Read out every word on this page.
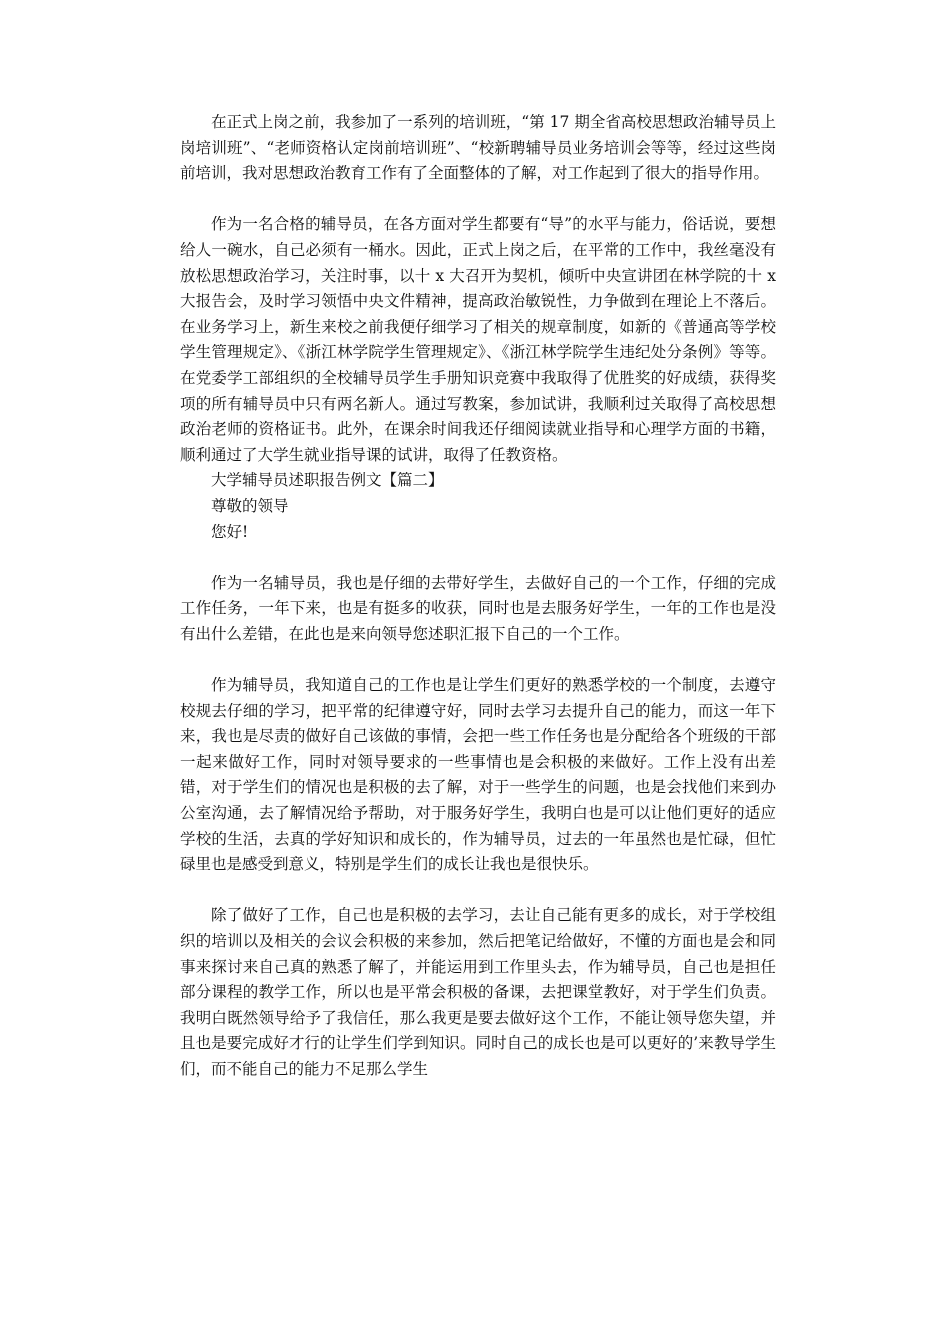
在正式上岗之前，我参加了一系列的培训班，“第 17 期全省高校思想政治辅导员上岗培训班”、“老师资格认定岗前培训班”、“校新聘辅导员业务培训会等等，经过这些岗前培训，我对思想政治教育工作有了全面整体的了解，对工作起到了很大的指导作用。

作为一名合格的辅导员，在各方面对学生都要有“导”的水平与能力，俗话说，要想给人一碗水，自己必须有一桶水。因此，正式上岗之后，在平常的工作中，我丝毫没有放松思想政治学习，关注时事，以十 x 大召开为契机，倾听中央宣讲团在林学院的十 x 大报告会，及时学习领悟中央文件精神，提高政治敏锐性，力争做到在理论上不落后。在业务学习上，新生来校之前我便仔细学习了相关的规章制度，如新的《普通高等学校学生管理规定》、《浙江林学院学生管理规定》、《浙江林学院学生违纪处分条例》等等。在党委学工部组织的全校辅导员学生手册知识竞赛中我取得了优胜奖的好成绩，获得奖项的所有辅导员中只有两名新人。通过写教案，参加试讲，我顺利过关取得了高校思想政治老师的资格证书。此外，在课余时间我还仔细阅读就业指导和心理学方面的书籍，顺利通过了大学生就业指导课的试讲，取得了任教资格。

大学辅导员述职报告例文【篇二】

尊敬的领导

您好!

作为一名辅导员，我也是仔细的去带好学生，去做好自己的一个工作，仔细的完成工作任务，一年下来，也是有挺多的收获，同时也是去服务好学生，一年的工作也是没有出什么差错，在此也是来向领导您述职汇报下自己的一个工作。

作为辅导员，我知道自己的工作也是让学生们更好的熟悉学校的一个制度，去遵守校规去仔细的学习，把平常的纪律遵守好，同时去学习去提升自己的能力，而这一年下来，我也是尽责的做好自己该做的事情，会把一些工作任务也是分配给各个班级的干部一起来做好工作，同时对领导要求的一些事情也是会积极的来做好。工作上没有出差错，对于学生们的情况也是积极的去了解，对于一些学生的问题，也是会找他们来到办公室沟通，去了解情况给予帮助，对于服务好学生，我明白也是可以让他们更好的适应学校的生活，去真的学好知识和成长的，作为辅导员，过去的一年虽然也是忙碌，但忙碌里也是感受到意义，特别是学生们的成长让我也是很快乐。

除了做好了工作，自己也是积极的去学习，去让自己能有更多的成长，对于学校组织的培训以及相关的会议会积极的来参加，然后把笔记给做好，不懂的方面也是会和同事来探讨来自己真的熟悉了解了，并能运用到工作里头去，作为辅导员，自己也是担任部分课程的教学工作，所以也是平常会积极的备课，去把课堂教好，对于学生们负责。我明白既然领导给予了我信任，那么我更是要去做好这个工作，不能让领导您失望，并且也是要完成好才行的让学生们学到知识。同时自己的成长也是可以更好的’来教导学生们，而不能自己的能力不足那么学生
